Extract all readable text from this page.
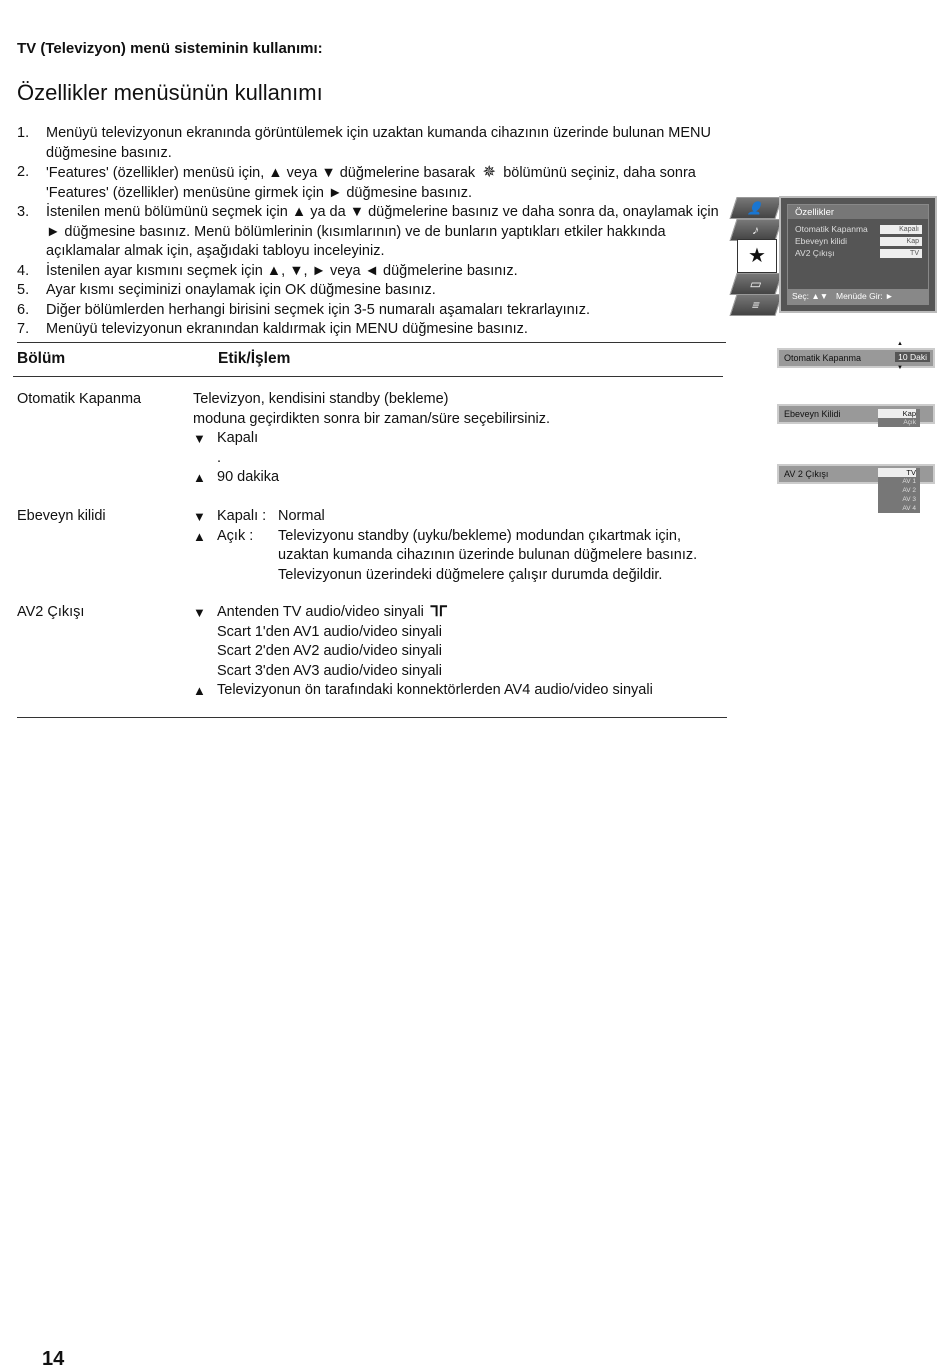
TV (Televizyon) menü sisteminin kullanımı:
Özellikler menüsünün kullanımı
1.	Menüyü televizyonun ekranında görüntülemek için uzaktan kumanda cihazının üzerinde bulunan MENU düğmesine basınız.
2.	'Features' (özellikler) menüsü için, ▲ veya ▼ düğmelerine basarak ✵ bölümünü seçiniz, daha sonra 'Features' (özellikler) menüsüne girmek için ► düğmesine basınız.
3.	İstenilen menü bölümünü seçmek için ▲ ya da ▼ düğmelerine basınız ve daha sonra da, onaylamak için ► düğmesine basınız. Menü bölümlerinin (kısımlarının) ve de bunların yaptıkları etkiler hakkında açıklamalar almak için, aşağıdaki tabloyu inceleyiniz.
4.	İstenilen ayar kısmını seçmek için ▲, ▼, ► veya ◄ düğmelerine basınız.
5.	Ayar kısmı seçiminizi onaylamak için OK düğmesine basınız.
6.	Diğer bölümlerden herhangi birisini seçmek için 3-5 numaralı aşamaları tekrarlayınız.
7.	Menüyü televizyonun ekranından kaldırmak için MENU düğmesine basınız.
👤
♪
★
▭
≡
Özellikler
Otomatik Kapanma	Kapalı
Ebeveyn kilidi	Kap
AV2 Çıkışı	TV
Seç: ▲▼ Menüde Gir: ►
Bölüm	Etik/İşlem
Otomatik Kapanma	Televizyon, kendisini standby (bekleme)
moduna geçirdikten sonra bir zaman/süre seçebilirsiniz.
▼ Kapalı
.
▲ 90 dakika
Ebeveyn kilidi	▼ Kapalı : Normal
▲ Açık :	Televizyonu standby (uyku/bekleme) modundan çıkartmak için,
uzaktan kumanda cihazının üzerinde bulunan düğmelere basınız.
Televizyonun üzerindeki düğmelere çalışır durumda değildir.
AV2 Çıkışı	▼ Antenden TV audio/video sinyali ᒣᒥ
Scart 1'den AV1 audio/video sinyali
Scart 2'den AV2 audio/video sinyali
Scart 3'den AV3 audio/video sinyali
▲ Televizyonun ön tarafındaki konnektörlerden AV4 audio/video sinyali
Otomatik Kapanma	10 Daki
▲
▼
Ebeveyn Kilidi	Kap
Açık
AV 2 Çıkışı	TV
AV 1
AV 2
AV 3
AV 4
14
